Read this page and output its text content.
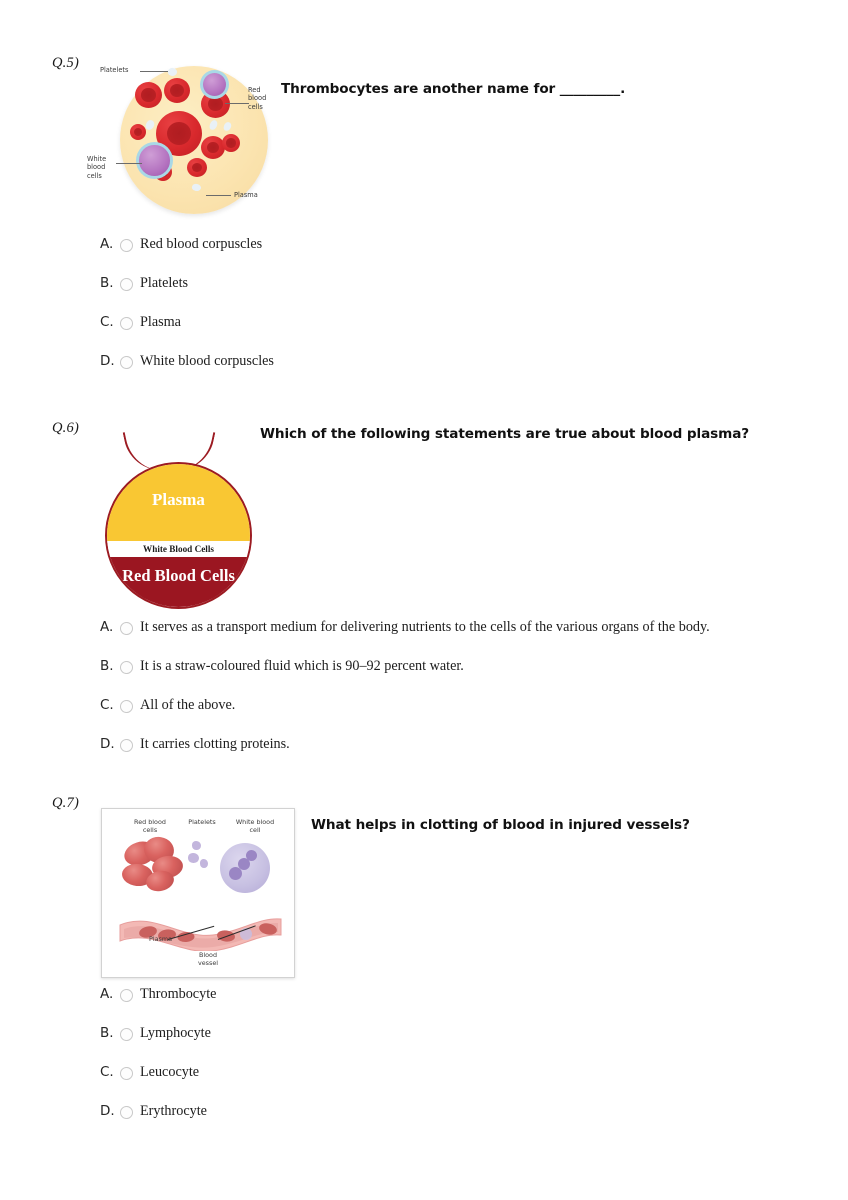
Q.5)
Thrombocytes are another name for _________.
Platelets
Red
blood
cells
White
blood
cells
Plasma
A.	Red blood corpuscles
B.	Platelets
C.	Plasma
D.	White blood corpuscles
Q.6)	Which of the following statements are true about blood plasma?
Plasma
White Blood Cells
Red Blood Cells
A.	It serves as a transport medium for delivering nutrients to the cells of the various organs of the body.
B.	It is a straw-coloured fluid which is 90–92 percent water.
C.	All of the above.
D.	It carries clotting proteins.
Q.7)
What helps in clotting of blood in injured vessels?
Red blood
cells
Platelets	White blood
cell
Plasma
Blood
vessel
A.	Thrombocyte
B.	Lymphocyte
C.	Leucocyte
D.	Erythrocyte
